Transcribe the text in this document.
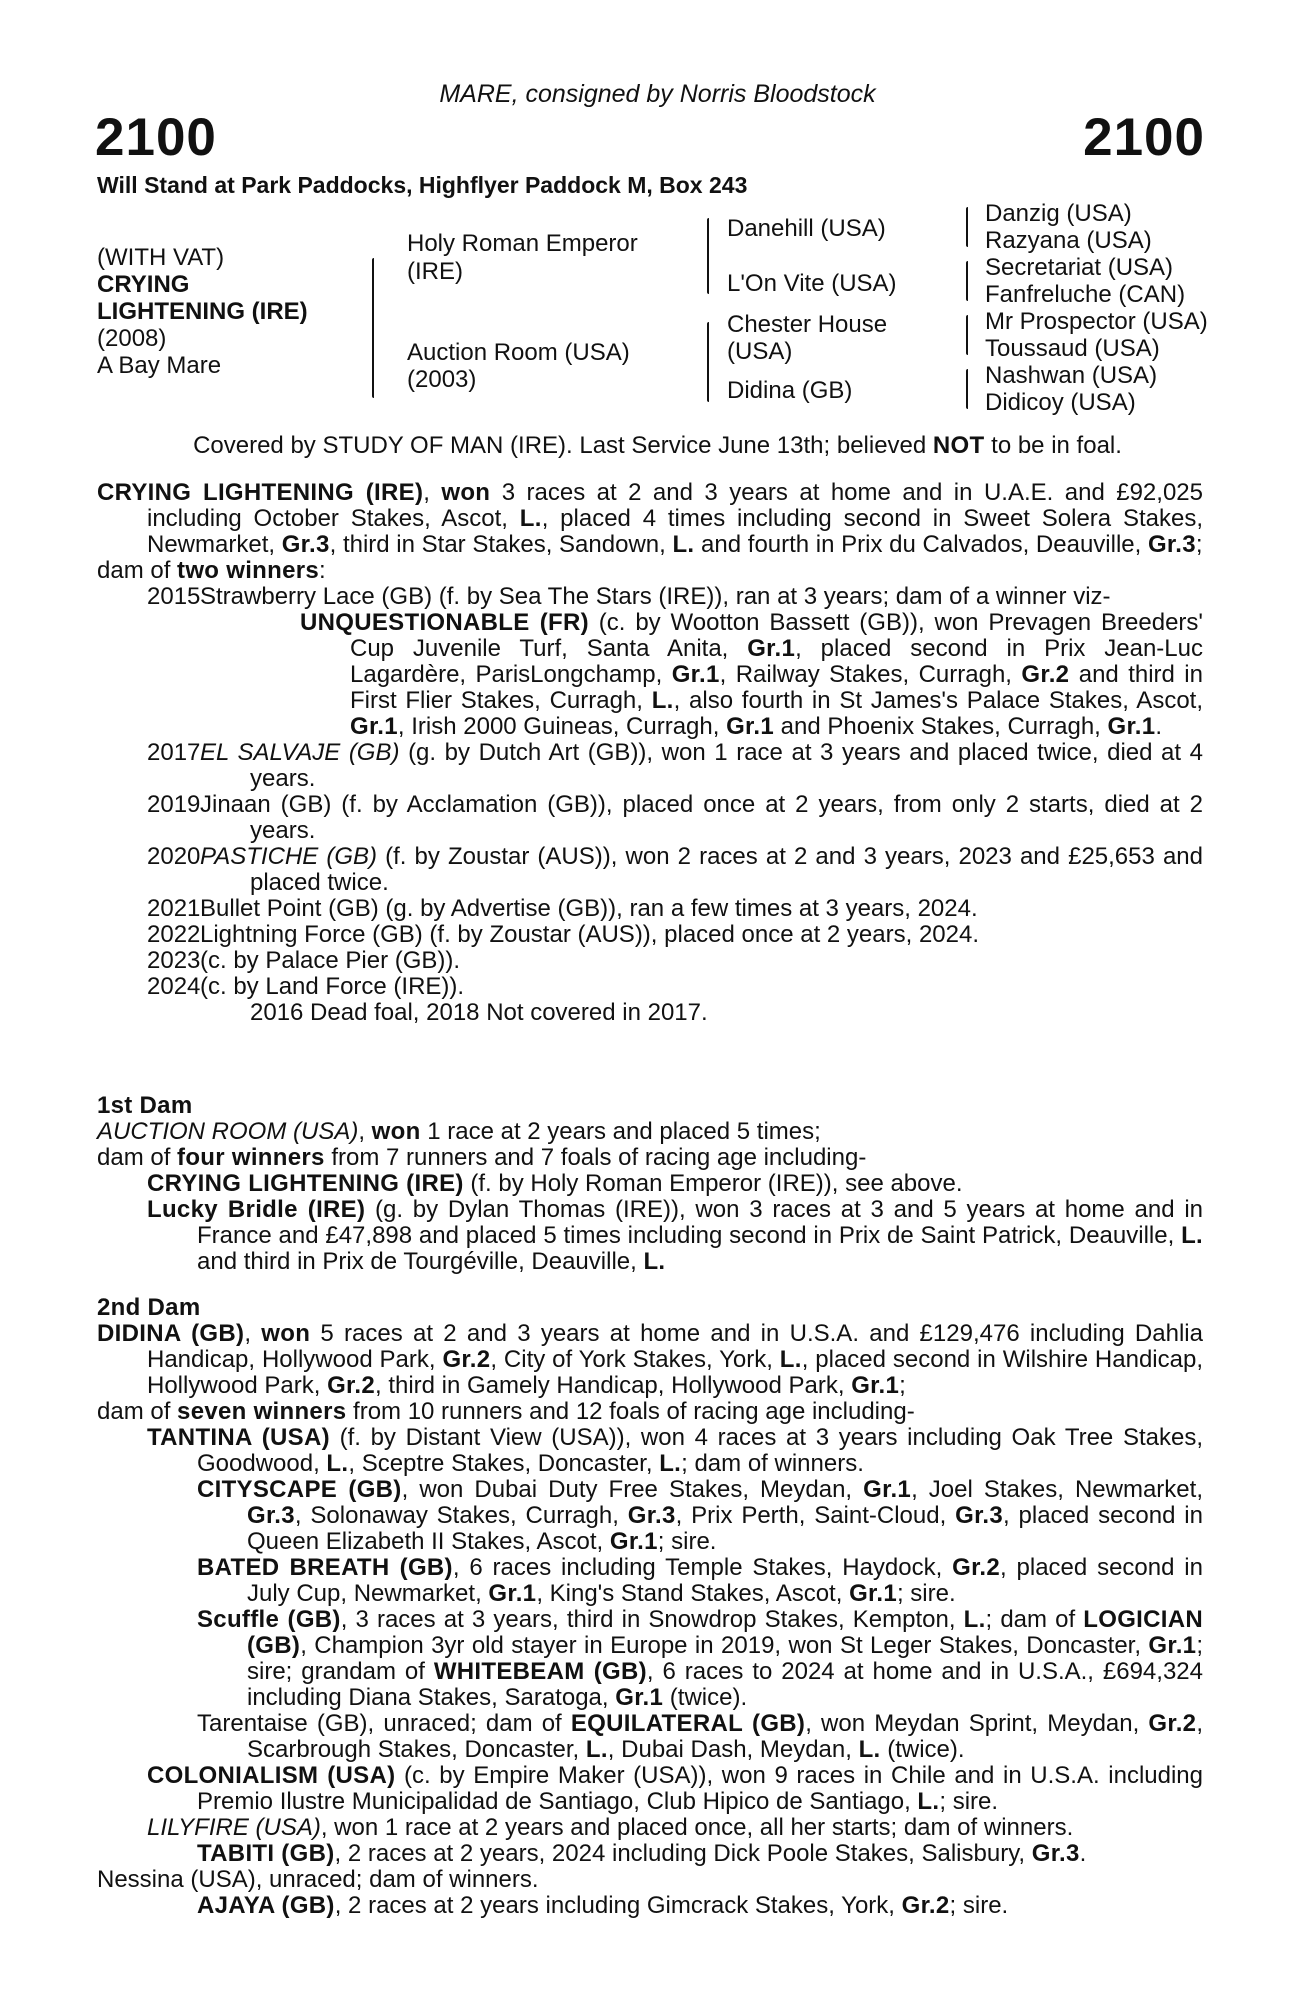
MARE, consigned by Norris Bloodstock
2100	2100
Will Stand at Park Paddocks, Highflyer Paddock M, Box 243
(WITH VAT)
CRYING
LIGHTENING (IRE)
(2008)
A Bay Mare
Holy Roman Emperor
(IRE)
Auction Room (USA)
(2003)
Danehill (USA)
L'On Vite (USA)
Chester House
(USA)
Didina (GB)
Danzig (USA)
Razyana (USA)
Secretariat (USA)
Fanfreluche (CAN)
Mr Prospector (USA)
Toussaud (USA)
Nashwan (USA)
Didicoy (USA)
Covered by STUDY OF MAN (IRE). Last Service June 13th; believed NOT to be in foal.

CRYING LIGHTENING (IRE), won 3 races at 2 and 3 years at home and in U.A.E. and £92,025 including October Stakes, Ascot, L., placed 4 times including second in Sweet Solera Stakes, Newmarket, Gr.3, third in Star Stakes, Sandown, L. and fourth in Prix du Calvados, Deauville, Gr.3;

dam of two winners:

2015 Strawberry Lace (GB) (f. by Sea The Stars (IRE)), ran at 3 years; dam of a winner viz-

UNQUESTIONABLE (FR) (c. by Wootton Bassett (GB)), won Prevagen Breeders' Cup Juvenile Turf, Santa Anita, Gr.1, placed second in Prix Jean-Luc Lagardère, ParisLongchamp, Gr.1, Railway Stakes, Curragh, Gr.2 and third in First Flier Stakes, Curragh, L., also fourth in St James's Palace Stakes, Ascot, Gr.1, Irish 2000 Guineas, Curragh, Gr.1 and Phoenix Stakes, Curragh, Gr.1.

2017 EL SALVAJE (GB) (g. by Dutch Art (GB)), won 1 race at 3 years and placed twice, died at 4 years.
2019 Jinaan (GB) (f. by Acclamation (GB)), placed once at 2 years, from only 2 starts, died at 2 years.
2020 PASTICHE (GB) (f. by Zoustar (AUS)), won 2 races at 2 and 3 years, 2023 and £25,653 and placed twice.
2021 Bullet Point (GB) (g. by Advertise (GB)), ran a few times at 3 years, 2024.
2022 Lightning Force (GB) (f. by Zoustar (AUS)), placed once at 2 years, 2024.
2023 (c. by Palace Pier (GB)).
2024 (c. by Land Force (IRE)).

2016 Dead foal, 2018 Not covered in 2017.

1st Dam

AUCTION ROOM (USA), won 1 race at 2 years and placed 5 times;

dam of four winners from 7 runners and 7 foals of racing age including-

CRYING LIGHTENING (IRE) (f. by Holy Roman Emperor (IRE)), see above.

Lucky Bridle (IRE) (g. by Dylan Thomas (IRE)), won 3 races at 3 and 5 years at home and in France and £47,898 and placed 5 times including second in Prix de Saint Patrick, Deauville, L. and third in Prix de Tourgéville, Deauville, L.

2nd Dam

DIDINA (GB), won 5 races at 2 and 3 years at home and in U.S.A. and £129,476 including Dahlia Handicap, Hollywood Park, Gr.2, City of York Stakes, York, L., placed second in Wilshire Handicap, Hollywood Park, Gr.2, third in Gamely Handicap, Hollywood Park, Gr.1;

dam of seven winners from 10 runners and 12 foals of racing age including-

TANTINA (USA) (f. by Distant View (USA)), won 4 races at 3 years including Oak Tree Stakes, Goodwood, L., Sceptre Stakes, Doncaster, L.; dam of winners.

CITYSCAPE (GB), won Dubai Duty Free Stakes, Meydan, Gr.1, Joel Stakes, Newmarket, Gr.3, Solonaway Stakes, Curragh, Gr.3, Prix Perth, Saint-Cloud, Gr.3, placed second in Queen Elizabeth II Stakes, Ascot, Gr.1; sire.

BATED BREATH (GB), 6 races including Temple Stakes, Haydock, Gr.2, placed second in July Cup, Newmarket, Gr.1, King's Stand Stakes, Ascot, Gr.1; sire.

Scuffle (GB), 3 races at 3 years, third in Snowdrop Stakes, Kempton, L.; dam of LOGICIAN (GB), Champion 3yr old stayer in Europe in 2019, won St Leger Stakes, Doncaster, Gr.1; sire; grandam of WHITEBEAM (GB), 6 races to 2024 at home and in U.S.A., £694,324 including Diana Stakes, Saratoga, Gr.1 (twice).

Tarentaise (GB), unraced; dam of EQUILATERAL (GB), won Meydan Sprint, Meydan, Gr.2, Scarbrough Stakes, Doncaster, L., Dubai Dash, Meydan, L. (twice).

COLONIALISM (USA) (c. by Empire Maker (USA)), won 9 races in Chile and in U.S.A. including Premio Ilustre Municipalidad de Santiago, Club Hipico de Santiago, L.; sire.

LILYFIRE (USA), won 1 race at 2 years and placed once, all her starts; dam of winners.

TABITI (GB), 2 races at 2 years, 2024 including Dick Poole Stakes, Salisbury, Gr.3.

Nessina (USA), unraced; dam of winners.

AJAYA (GB), 2 races at 2 years including Gimcrack Stakes, York, Gr.2; sire.
